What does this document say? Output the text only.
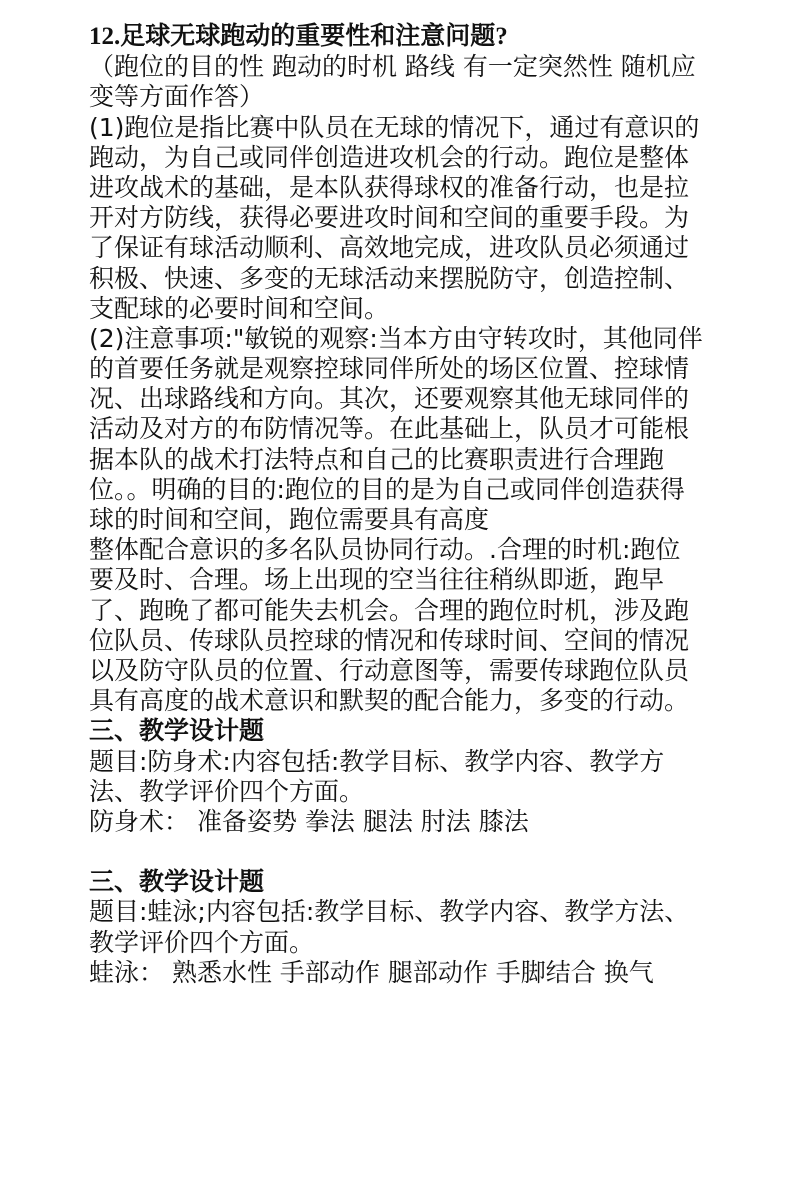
12.足球无球跑动的重要性和注意问题?
（跑位的目的性 跑动的时机 路线 有一定突然性 随机应
变等方面作答）
(1)跑位是指比赛中队员在无球的情况下，通过有意识的
跑动，为自己或同伴创造进攻机会的行动。跑位是整体
进攻战术的基础，是本队获得球权的准备行动，也是拉
开对方防线，获得必要进攻时间和空间的重要手段。为
了保证有球活动顺利、高效地完成，进攻队员必须通过
积极、快速、多变的无球活动来摆脱防守，创造控制、
支配球的必要时间和空间。
(2)注意事项:"敏锐的观察:当本方由守转攻时，其他同伴
的首要任务就是观察控球同伴所处的场区位置、控球情
况、出球路线和方向。其次，还要观察其他无球同伴的
活动及对方的布防情况等。在此基础上，队员才可能根
据本队的战术打法特点和自己的比赛职责进行合理跑
位。。明确的目的:跑位的目的是为自己或同伴创造获得
球的时间和空间，跑位需要具有高度
整体配合意识的多名队员协同行动。.合理的时机:跑位
要及时、合理。场上出现的空当往往稍纵即逝，跑早
了、跑晚了都可能失去机会。合理的跑位时机，涉及跑
位队员、传球队员控球的情况和传球时间、空间的情况
以及防守队员的位置、行动意图等，需要传球跑位队员
具有高度的战术意识和默契的配合能力，多变的行动。
三、教学设计题
题目:防身术:内容包括:教学目标、教学内容、教学方
法、教学评价四个方面。
防身术： 准备姿势 拳法 腿法 肘法 膝法
三、教学设计题
题目:蛙泳;内容包括:教学目标、教学内容、教学方法、
教学评价四个方面。
蛙泳： 熟悉水性 手部动作 腿部动作 手脚结合 换气
